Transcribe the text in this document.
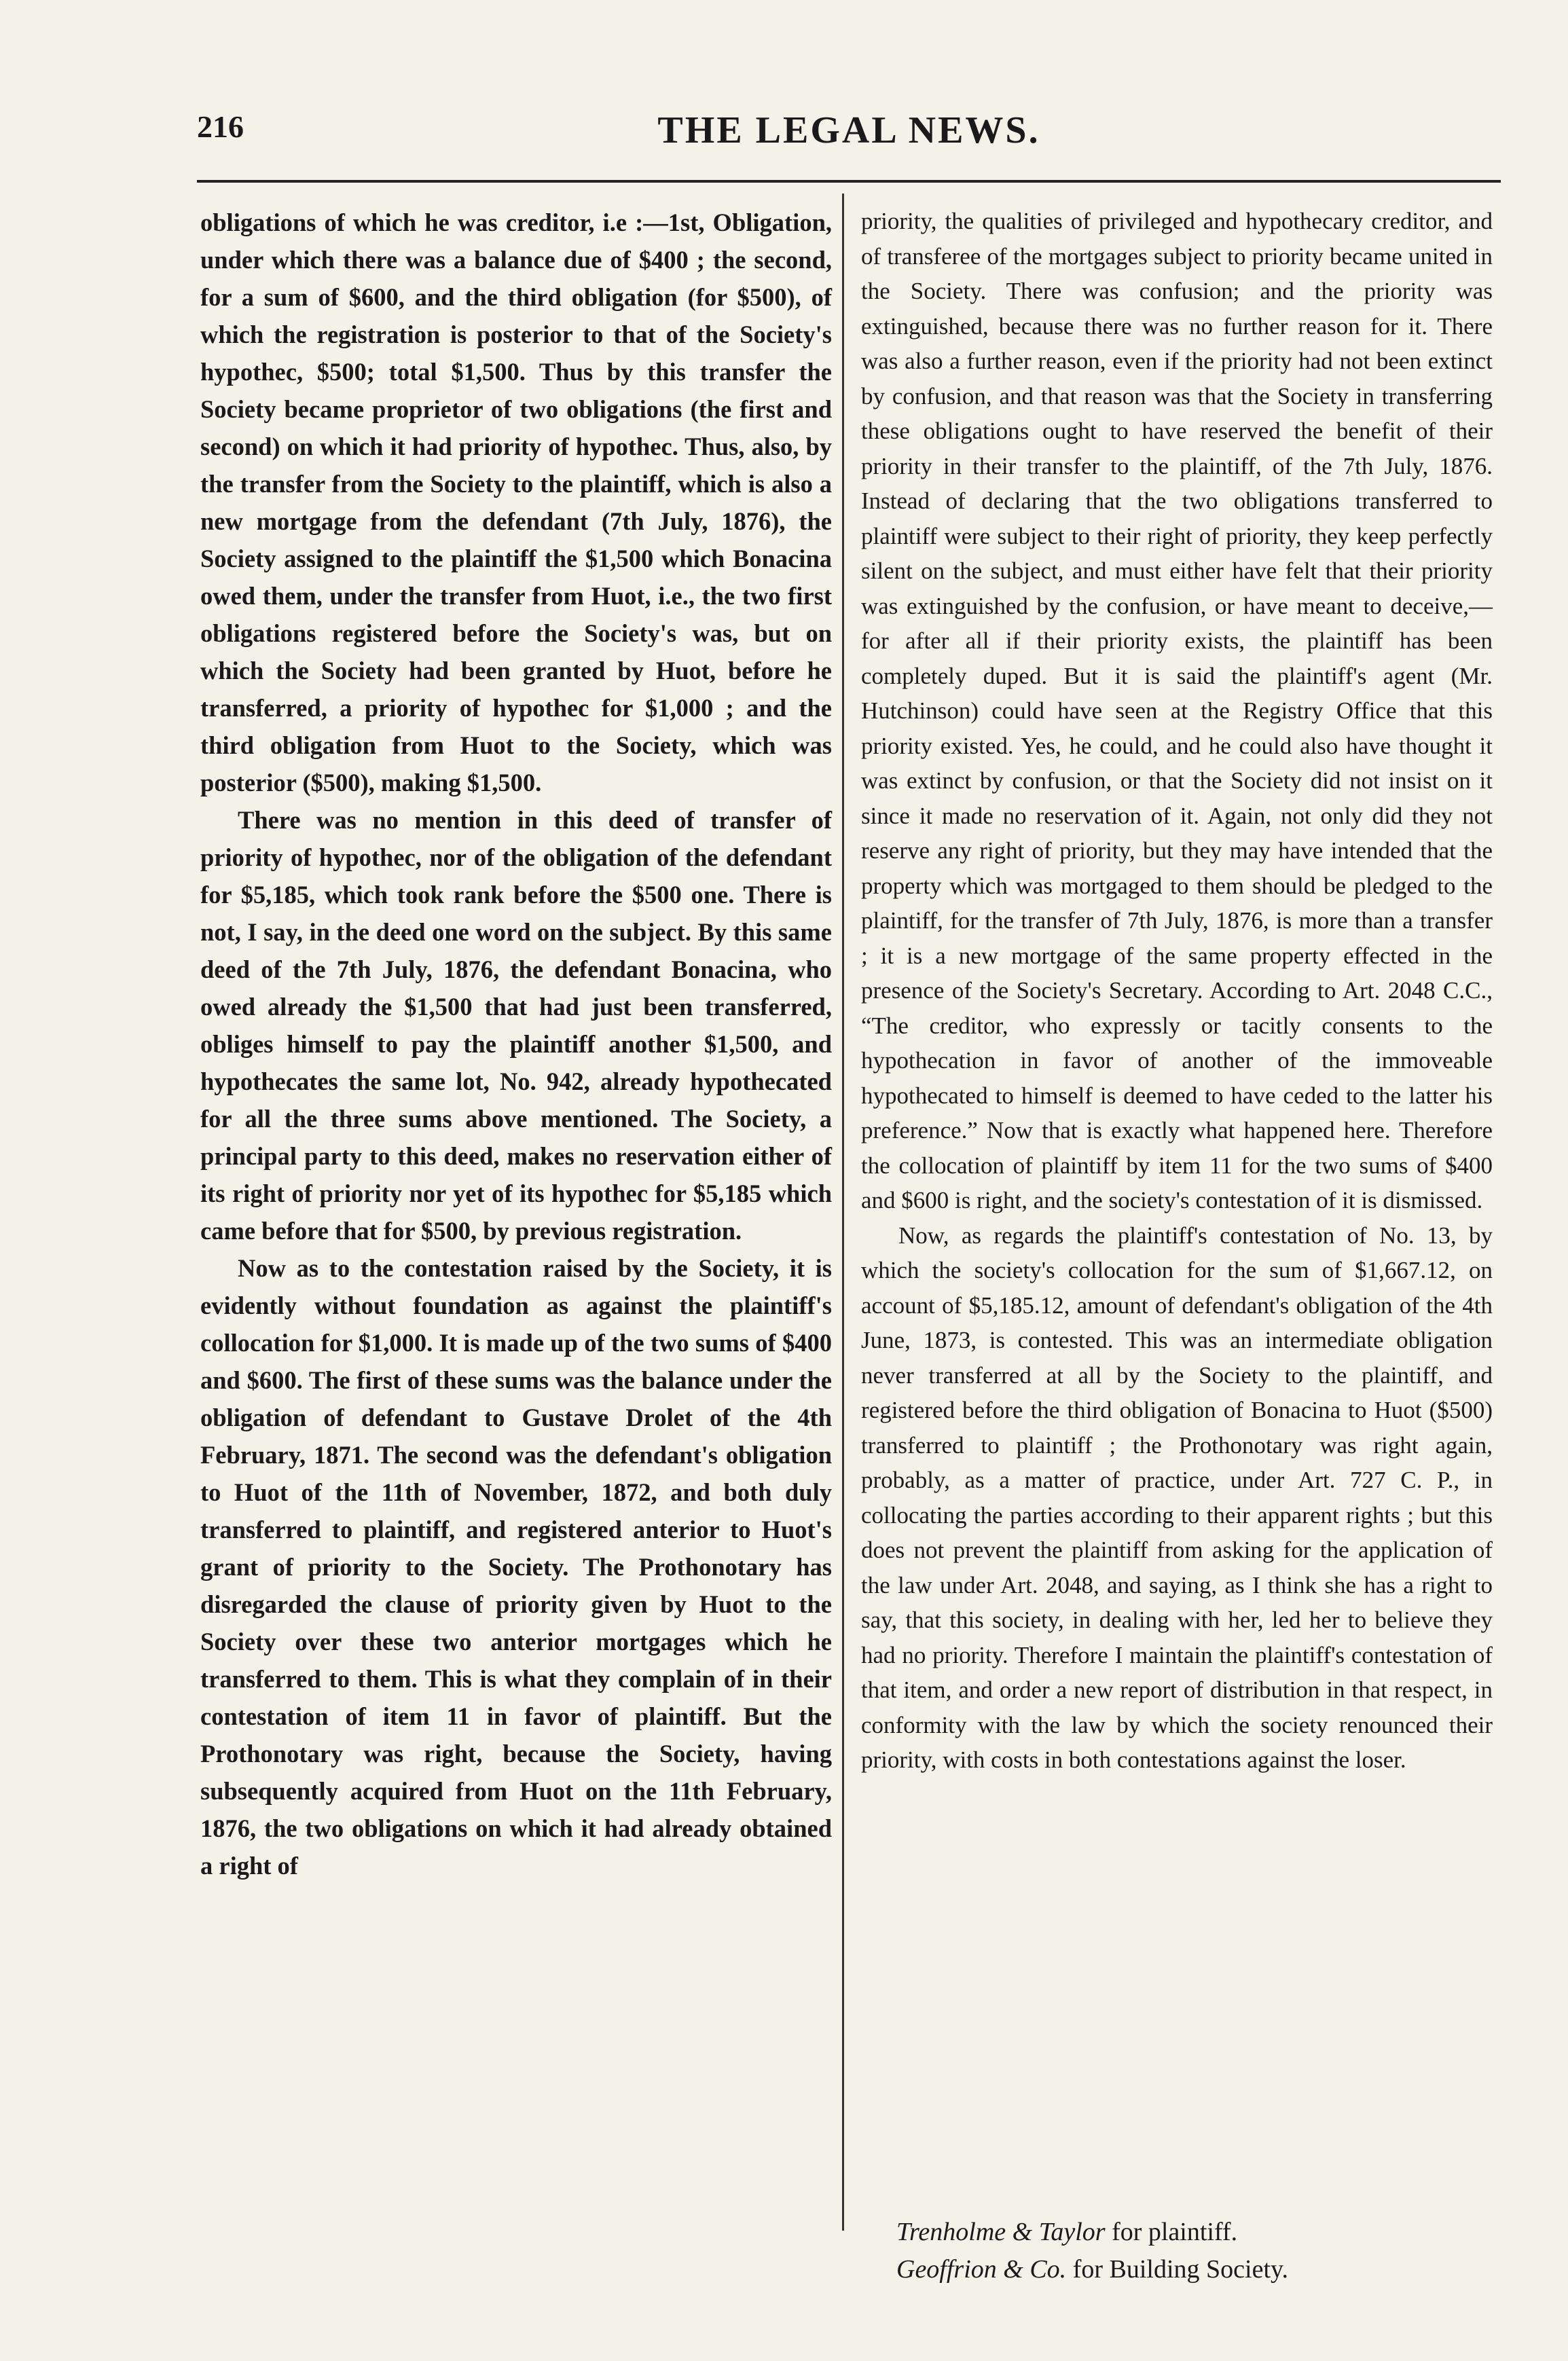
216	THE LEGAL NEWS.

obligations of which he was creditor, i.e :—1st, Obligation, under which there was a balance due of $400 ; the second, for a sum of $600, and the third obligation (for $500), of which the registration is posterior to that of the Society's hypothec, $500; total $1,500. Thus by this transfer the Society became proprietor of two obligations (the first and second) on which it had priority of hypothec. Thus, also, by the transfer from the Society to the plaintiff, which is also a new mortgage from the defendant (7th July, 1876), the Society assigned to the plaintiff the $1,500 which Bonacina owed them, under the transfer from Huot, i.e., the two first obligations registered before the Society's was, but on which the Society had been granted by Huot, before he transferred, a priority of hypothec for $1,000 ; and the third obligation from Huot to the Society, which was posterior ($500), making $1,500.

There was no mention in this deed of transfer of priority of hypothec, nor of the obligation of the defendant for $5,185, which took rank before the $500 one. There is not, I say, in the deed one word on the subject. By this same deed of the 7th July, 1876, the defendant Bonacina, who owed already the $1,500 that had just been transferred, obliges himself to pay the plaintiff another $1,500, and hypothecates the same lot, No. 942, already hypothecated for all the three sums above mentioned. The Society, a principal party to this deed, makes no reservation either of its right of priority nor yet of its hypothec for $5,185 which came before that for $500, by previous registration.

Now as to the contestation raised by the Society, it is evidently without foundation as against the plaintiff's collocation for $1,000. It is made up of the two sums of $400 and $600. The first of these sums was the balance under the obligation of defendant to Gustave Drolet of the 4th February, 1871. The second was the defendant's obligation to Huot of the 11th of November, 1872, and both duly transferred to plaintiff, and registered anterior to Huot's grant of priority to the Society. The Prothonotary has disregarded the clause of priority given by Huot to the Society over these two anterior mortgages which he transferred to them. This is what they complain of in their contestation of item 11 in favor of plaintiff. But the Prothonotary was right, because the Society, having subsequently acquired from Huot on the 11th February, 1876, the two obligations on which it had already obtained a right of

priority, the qualities of privileged and hypothecary creditor, and of transferee of the mortgages subject to priority became united in the Society. There was confusion; and the priority was extinguished, because there was no further reason for it. There was also a further reason, even if the priority had not been extinct by confusion, and that reason was that the Society in transferring these obligations ought to have reserved the benefit of their priority in their transfer to the plaintiff, of the 7th July, 1876. Instead of declaring that the two obligations transferred to plaintiff were subject to their right of priority, they keep perfectly silent on the subject, and must either have felt that their priority was extinguished by the confusion, or have meant to deceive,—for after all if their priority exists, the plaintiff has been completely duped. But it is said the plaintiff's agent (Mr. Hutchinson) could have seen at the Registry Office that this priority existed. Yes, he could, and he could also have thought it was extinct by confusion, or that the Society did not insist on it since it made no reservation of it. Again, not only did they not reserve any right of priority, but they may have intended that the property which was mortgaged to them should be pledged to the plaintiff, for the transfer of 7th July, 1876, is more than a transfer ; it is a new mortgage of the same property effected in the presence of the Society's Secretary. According to Art. 2048 C.C., “The creditor, who expressly or tacitly consents to the hypothecation in favor of another of the immoveable hypothecated to himself is deemed to have ceded to the latter his preference.” Now that is exactly what happened here. Therefore the collocation of plaintiff by item 11 for the two sums of $400 and $600 is right, and the society's contestation of it is dismissed.

Now, as regards the plaintiff's contestation of No. 13, by which the society's collocation for the sum of $1,667.12, on account of $5,185.12, amount of defendant's obligation of the 4th June, 1873, is contested. This was an intermediate obligation never transferred at all by the Society to the plaintiff, and registered before the third obligation of Bonacina to Huot ($500) transferred to plaintiff ; the Prothonotary was right again, probably, as a matter of practice, under Art. 727 C. P., in collocating the parties according to their apparent rights ; but this does not prevent the plaintiff from asking for the application of the law under Art. 2048, and saying, as I think she has a right to say, that this society, in dealing with her, led her to believe they had no priority. Therefore I maintain the plaintiff's contestation of that item, and order a new report of distribution in that respect, in conformity with the law by which the society renounced their priority, with costs in both contestations against the loser.

Trenholme & Taylor for plaintiff.
Geoffrion & Co. for Building Society.
